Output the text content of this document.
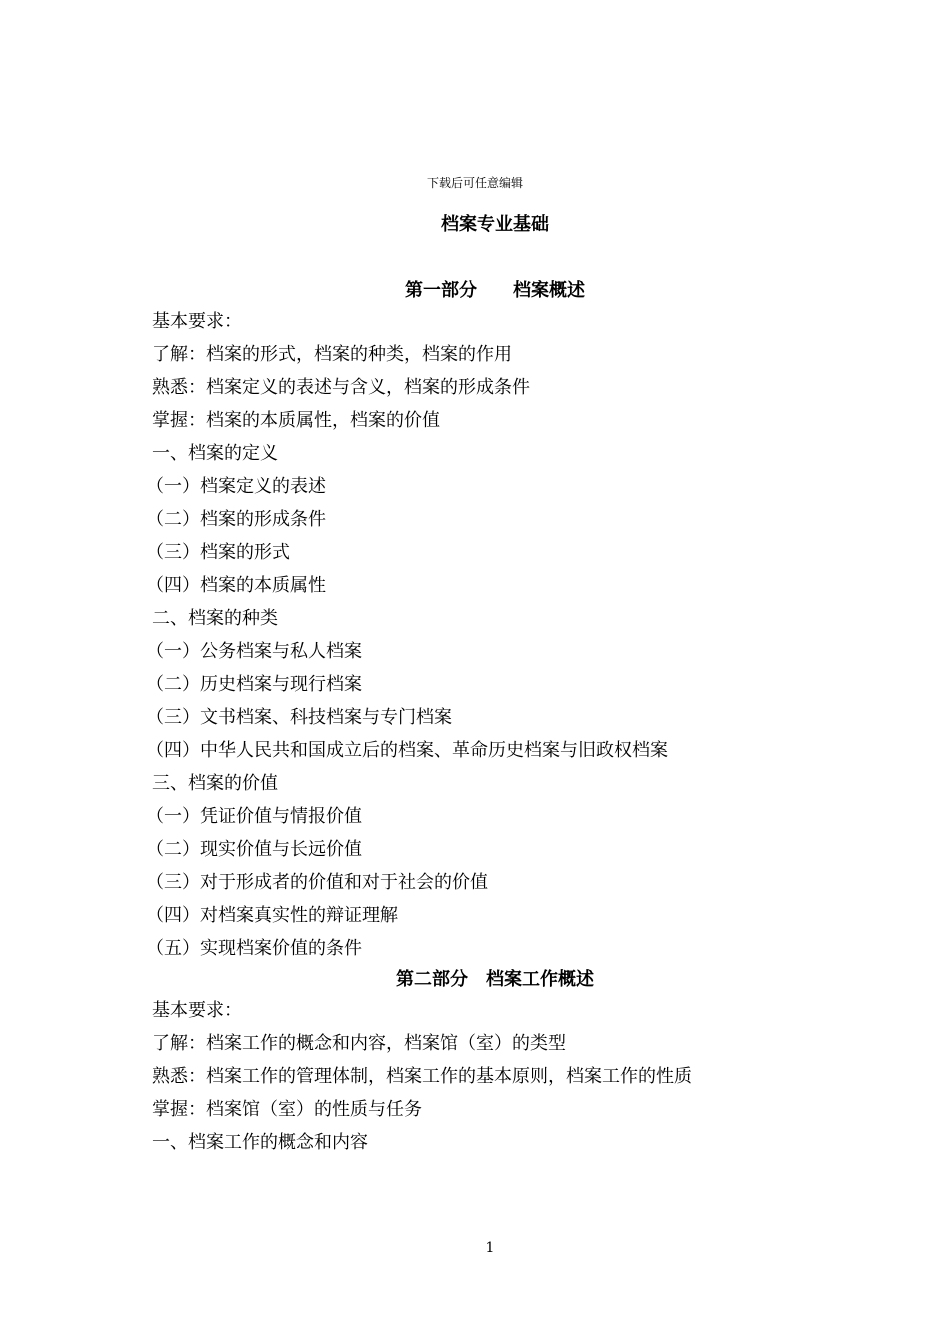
下载后可任意编辑
档案专业基础
第一部分　　档案概述
基本要求：
了解：档案的形式，档案的种类，档案的作用
熟悉：档案定义的表述与含义，档案的形成条件
掌握：档案的本质属性，档案的价值
一、档案的定义
（一）档案定义的表述
（二）档案的形成条件
（三）档案的形式
（四）档案的本质属性
二、档案的种类
（一）公务档案与私人档案
（二）历史档案与现行档案
（三）文书档案、科技档案与专门档案
（四）中华人民共和国成立后的档案、革命历史档案与旧政权档案
三、档案的价值
（一）凭证价值与情报价值
（二）现实价值与长远价值
（三）对于形成者的价值和对于社会的价值
（四）对档案真实性的辩证理解
（五）实现档案价值的条件
第二部分　档案工作概述
基本要求：
了解：档案工作的概念和内容，档案馆（室）的类型
熟悉：档案工作的管理体制，档案工作的基本原则，档案工作的性质
掌握：档案馆（室）的性质与任务
一、档案工作的概念和内容
1
